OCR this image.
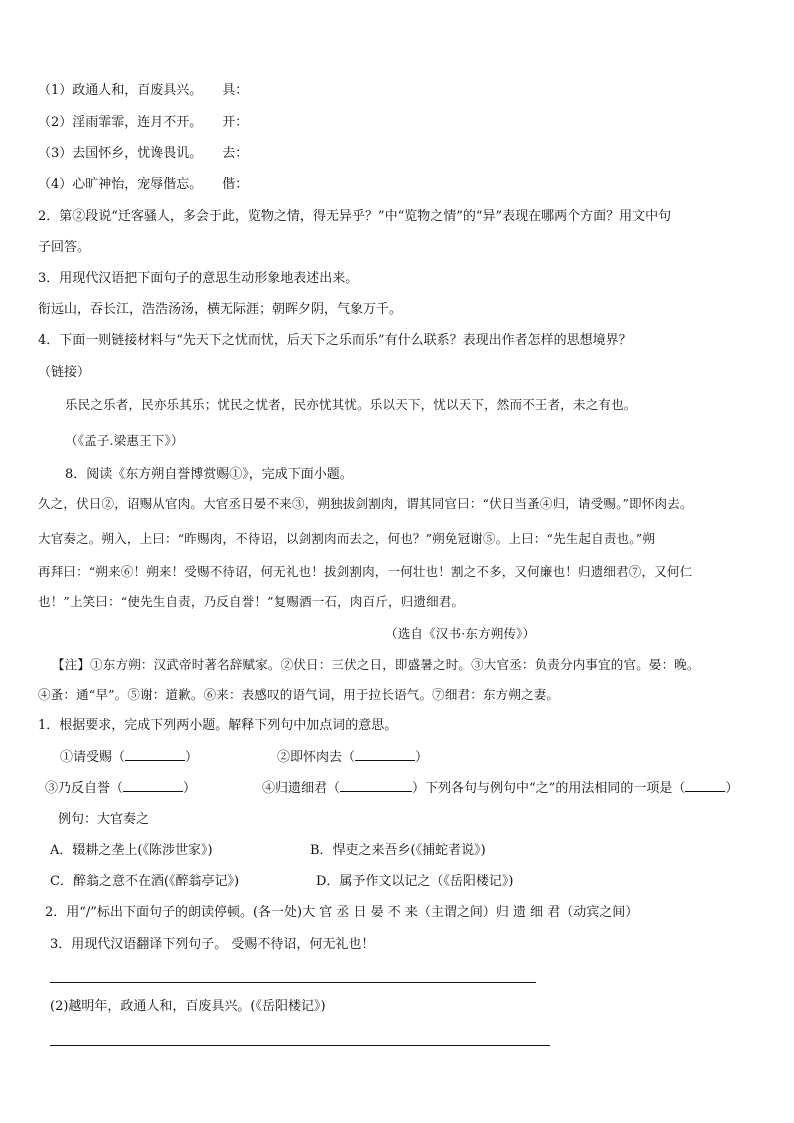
（1）政通人和，百废具兴。 具：
（2）淫雨霏霏，连月不开。 开：
（3）去国怀乡，忧谗畏讥。 去：
（4）心旷神怡，宠辱偕忘。 偕：
2．第②段说“迁客骚人，多会于此，览物之情，得无异乎？”中“览物之情”的“异”表现在哪两个方面？用文中句
子回答。
3．用现代汉语把下面句子的意思生动形象地表述出来。
衔远山，吞长江，浩浩汤汤，横无际涯；朝晖夕阴，气象万千。
4．下面一则链接材料与“先天下之忧而忧，后天下之乐而乐”有什么联系？表现出作者怎样的思想境界？
（链接）
乐民之乐者，民亦乐其乐；忧民之忧者，民亦忧其忧。乐以天下，忧以天下，然而不王者，未之有也。
（《孟子.梁惠王下》）
8．阅读《东方朔自誉博赏赐①》，完成下面小题。
久之，伏日②，诏赐从官肉。大官丞日晏不来③，朔独拔剑割肉，谓其同官曰：“伏日当蚤④归，请受赐。”即怀肉去。
大官奏之。朔入，上曰：“昨赐肉，不待诏，以剑割肉而去之，何也？”朔免冠谢⑤。上曰：“先生起自责也。”朔
再拜曰：“朔来⑥！朔来！受赐不待诏，何无礼也！拔剑割肉，一何壮也！割之不多，又何廉也！归遗细君⑦，又何仁
也！”上笑曰：“使先生自责，乃反自誉！”复赐酒一石，肉百斤，归遗细君。
（选自《汉书·东方朔传》）
【注】①东方朔：汉武帝时著名辞赋家。②伏日：三伏之日，即盛暑之时。③大官丞：负责分内事宜的官。晏：晚。
④蚤：通“早”。⑤谢：道歉。⑥来：表感叹的语气词，用于拉长语气。⑦细君：东方朔之妻。
1．根据要求，完成下列两小题。解释下列句中加点词的意思。
①请受赐（	）	②即怀肉去（	）
③乃反自誉（	）	④归遗细君（	）下列各句与例句中“之”的用法相同的一项是（	）
例句：大官奏之
A．辍耕之垄上(《陈涉世家》)	B．悍吏之来吾乡(《捕蛇者说》)
C．醉翁之意不在酒(《醉翁亭记》)	D．属予作文以记之（《岳阳楼记》)
2．用“/”标出下面句子的朗读停顿。(各一处)大 官 丞 日 晏 不 来（主谓之间）归 遗 细 君（动宾之间）
3．用现代汉语翻译下列句子。 受赐不待诏，何无礼也！
(2)越明年，政通人和，百废具兴。(《岳阳楼记》)
